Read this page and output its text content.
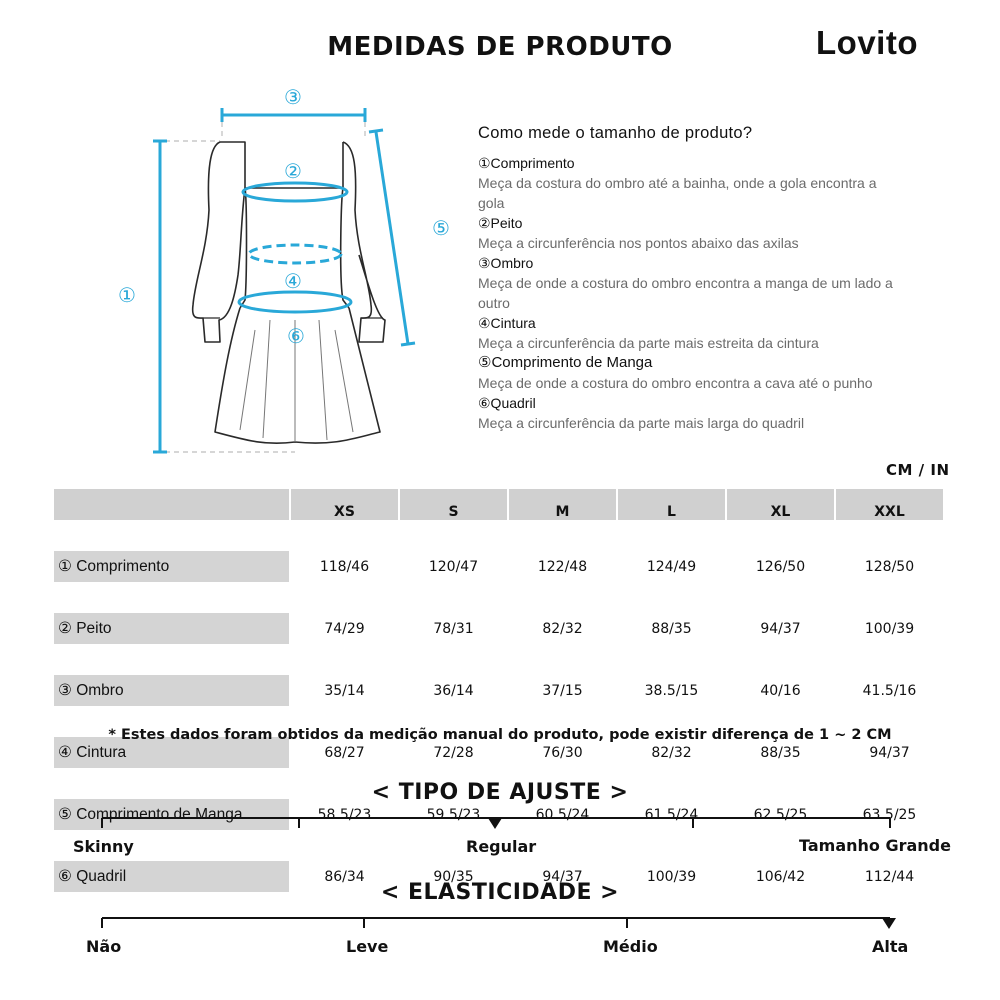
MEDIDAS DE PRODUTO	Lovito
①
②
③
④
⑤
⑥
Como mede o tamanho de produto?
①Comprimento
Meça da costura do ombro até a bainha, onde a gola encontra a gola
②Peito
Meça a circunferência nos pontos abaixo das axilas
③Ombro
Meça de onde a costura do ombro encontra a manga de um lado a outro
④Cintura
Meça a circunferência da parte mais estreita da cintura
⑤Comprimento de Manga
Meça de onde a costura do ombro encontra a cava até o punho
⑥Quadril
Meça a circunferência da parte mais larga do quadril
CM / IN
	XS	S	M	L	XL	XXL

① Comprimento	118/46	120/47	122/48	124/49	126/50	128/50

② Peito	74/29	78/31	82/32	88/35	94/37	100/39

③ Ombro	35/14	36/14	37/15	38.5/15	40/16	41.5/16

④ Cintura	68/27	72/28	76/30	82/32	88/35	94/37

⑤ Comprimento de Manga	58.5/23	59.5/23	60.5/24	61.5/24	62.5/25	63.5/25

⑥ Quadril	86/34	90/35	94/37	100/39	106/42	112/44
* Estes dados foram obtidos da medição manual do produto, pode existir diferença de 1 ~ 2 CM
< TIPO DE AJUSTE >
Skinny	Regular	Tamanho Grande
< ELASTICIDADE >
Não	Leve	Médio	Alta
